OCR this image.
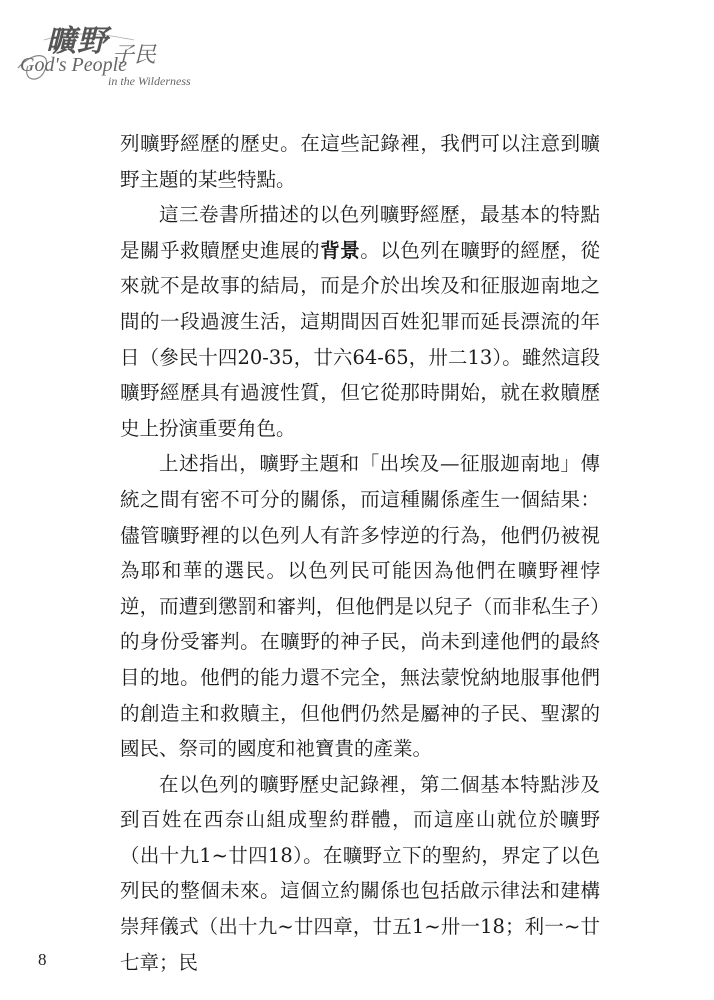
曠野 子民
God's People
in the Wilderness

列曠野經歷的歷史。在這些記錄裡，我們可以注意到曠野主題的某些特點。

這三卷書所描述的以色列曠野經歷，最基本的特點是關乎救贖歷史進展的背景。以色列在曠野的經歷，從來就不是故事的結局，而是介於出埃及和征服迦南地之間的一段過渡生活，這期間因百姓犯罪而延長漂流的年日（參民十四20-35，廿六64-65，卅二13）。雖然這段曠野經歷具有過渡性質，但它從那時開始，就在救贖歷史上扮演重要角色。

上述指出，曠野主題和「出埃及—征服迦南地」傳統之間有密不可分的關係，而這種關係產生一個結果：儘管曠野裡的以色列人有許多悖逆的行為，他們仍被視為耶和華的選民。以色列民可能因為他們在曠野裡悖逆，而遭到懲罰和審判，但他們是以兒子（而非私生子）的身份受審判。在曠野的神子民，尚未到達他們的最終目的地。他們的能力還不完全，無法蒙悅納地服事他們的創造主和救贖主，但他們仍然是屬神的子民、聖潔的國民、祭司的國度和祂寶貴的產業。

在以色列的曠野歷史記錄裡，第二個基本特點涉及到百姓在西奈山組成聖約群體，而這座山就位於曠野（出十九1~廿四18）。在曠野立下的聖約，界定了以色列民的整個未來。這個立約關係也包括啟示律法和建構崇拜儀式（出十九~廿四章，廿五1~卅一18；利一~廿七章；民

8
